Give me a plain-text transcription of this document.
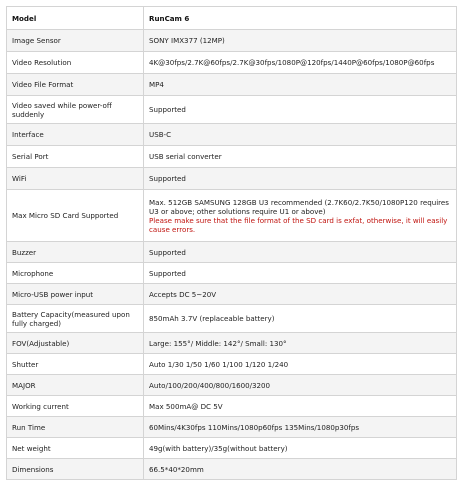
Model	RunCam 6
Image Sensor	SONY IMX377 (12MP)
Video Resolution	4K@30fps/2.7K@60fps/2.7K@30fps/1080P@120fps/1440P@60fps/1080P@60fps
Video File Format	MP4
Video saved while power-off suddenly	Supported
Interface	USB-C
Serial Port	USB serial converter
WiFi	Supported
Max Micro SD Card Supported	Max. 512GB SAMSUNG 128GB U3 recommended (2.7K60/2.7K50/1080P120 requires U3 or above; other solutions require U1 or above)
Please make sure that the file format of the SD card is exfat, otherwise, it will easily cause errors.

Buzzer	Supported
Microphone	Supported
Micro-USB power input	Accepts DC 5~20V
Battery Capacity(measured upon fully charged)	850mAh 3.7V (replaceable battery)
FOV(Adjustable)	Large: 155°/ Middle: 142°/ Small: 130°
Shutter	Auto 1/30 1/50 1/60 1/100 1/120 1/240
MAJOR	Auto/100/200/400/800/1600/3200
Working current	Max 500mA@ DC 5V
Run Time	60Mins/4K30fps 110Mins/1080p60fps 135Mins/1080p30fps
Net weight	49g(with battery)/35g(without battery)
Dimensions	66.5*40*20mm
